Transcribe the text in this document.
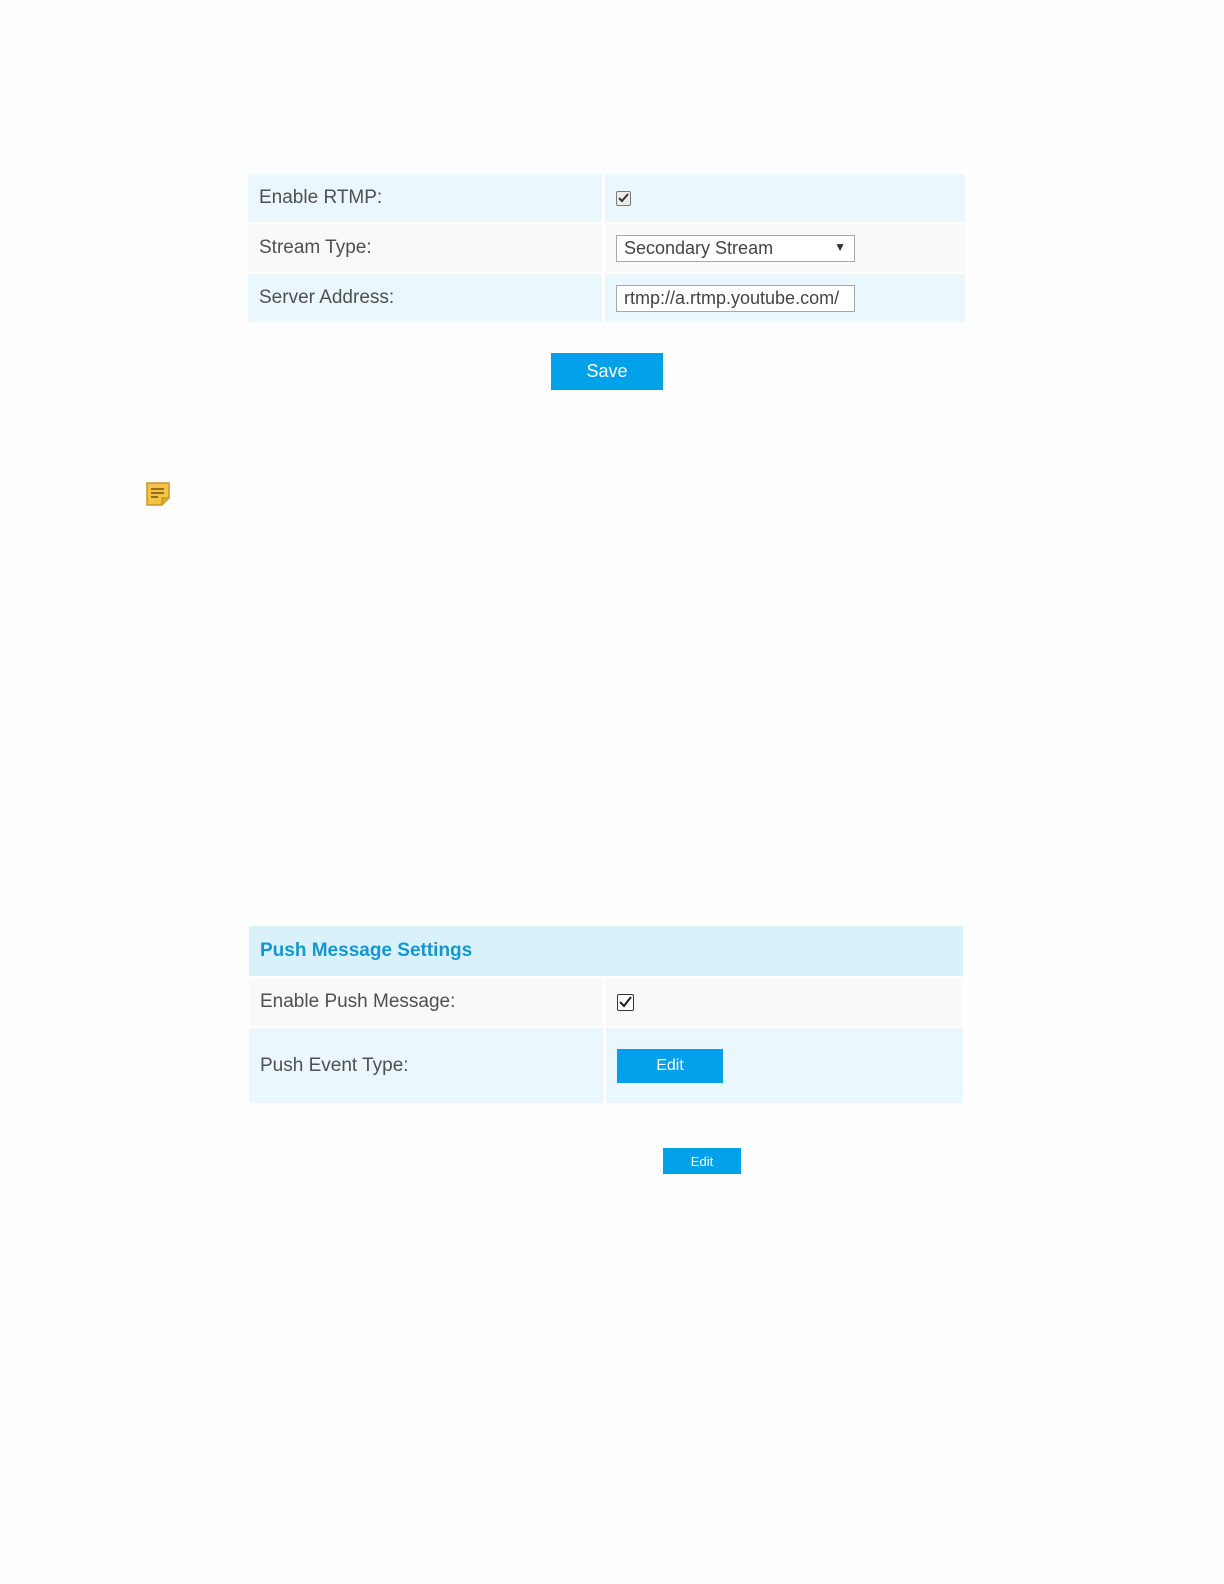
Enable RTMP:
Stream Type:	Secondary Stream	▼
Server Address:
rtmp://a.rtmp.youtube.com/
Save
Push Message Settings
Enable Push Message:
Push Event Type:	Edit
Edit
